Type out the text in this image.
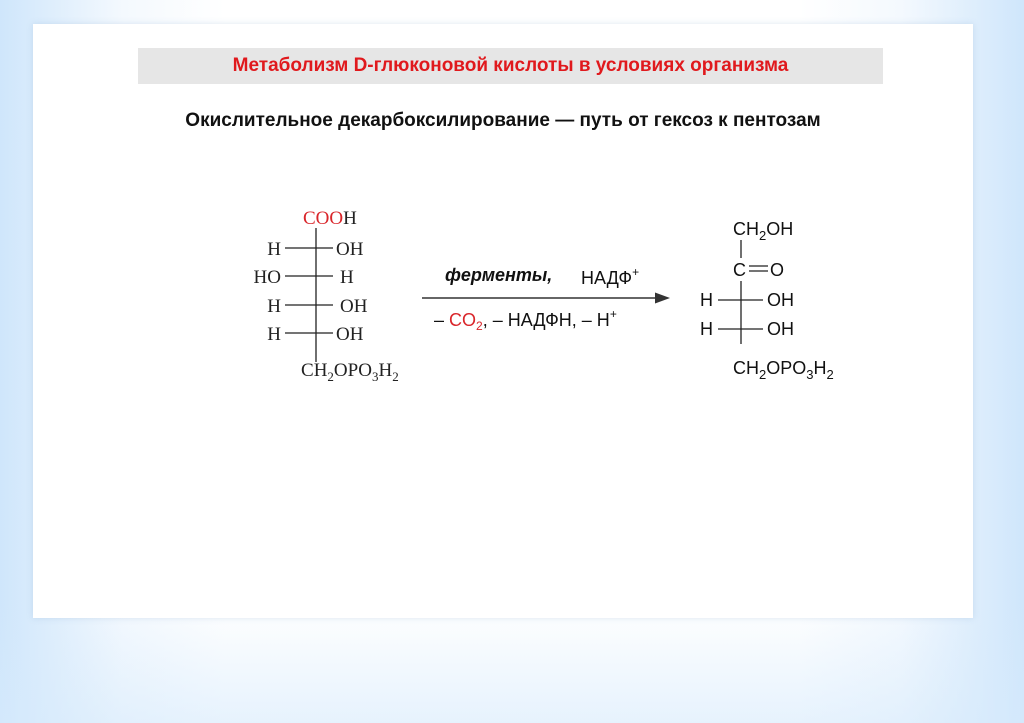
Метаболизм D-глюконовой кислоты в условиях организма
Окислительное декарбоксилирование — путь от гексоз к пентозам
COOH
H	OH
HO	H
H	OH
H	OH
$CH_2OPO_3H_2$
ферменты, НАДФ+
– $CO_2$, – НАДФН, – Н+
$CH_2OH$
C O
H	OH
H	OH
$CH_2OPO_3H_2$
